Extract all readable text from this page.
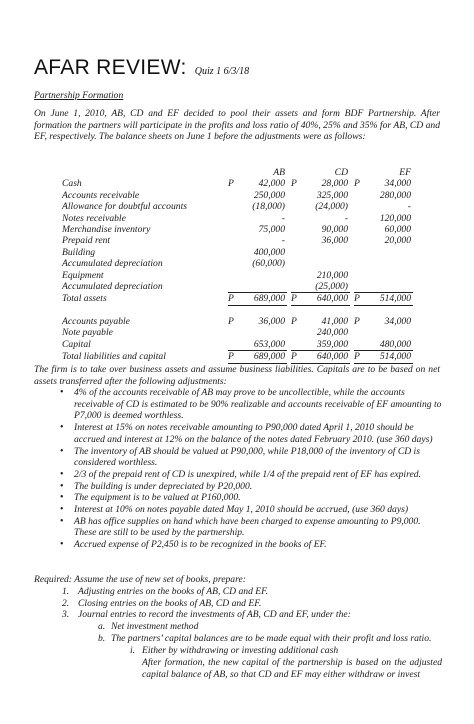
AFAR REVIEW: Quiz 1 6/3/18
Partnership Formation

On June 1, 2010, AB, CD and EF decided to pool their assets and form BDF Partnership. After formation the partners will participate in the profits and loss ratio of 40%, 25% and 35% for AB, CD and EF, respectively. The balance sheets on June 1 before the adjustments were as follows:

		AB			CD			EF
Cash	P	42,000		P	28,000		P	34,000
Accounts receivable		250,000			325,000			280,000
Allowance for doubtful accounts		(18,000)			(24,000)			-
Notes receivable		-			-			120,000
Merchandise inventory		75,000			90,000			60,000
Prepaid rent		-			36,000			20,000
Building		400,000						
Accumulated depreciation		(60,000)						
Equipment					210,000			
Accumulated depreciation					(25,000)			
Total assets	P	689,000		P	640,000		P	514,000

Accounts payable	P	36,000		P	41,000		P	34,000
Note payable					240,000			
Capital		653,000			359,000			480,000
Total liabilities and capital	P	689,000		P	640,000		P	514,000

The firm is to take over business assets and assume business liabilities. Capitals are to be based on net assets transferred after the following adjustments:

• 4% of the accounts receivable of AB may prove to be uncollectible, while the accounts receivable of CD is estimated to be 90% realizable and accounts receivable of EF amounting to P7,000 is deemed worthless.
• Interest at 15% on notes receivable amounting to P90,000 dated April 1, 2010 should be accrued and interest at 12% on the balance of the notes dated February 2010. (use 360 days)
• The inventory of AB should be valued at P90,000, while P18,000 of the inventory of CD is considered worthless.
• 2/3 of the prepaid rent of CD is unexpired, while 1/4 of the prepaid rent of EF has expired.
• The building is under depreciated by P20,000.
• The equipment is to be valued at P160,000.
• Interest at 10% on notes payable dated May 1, 2010 should be accrued, (use 360 days)
• AB has office supplies on hand which have been charged to expense amounting to P9,000. These are still to be used by the partnership.
• Accrued expense of P2,450 is to be recognized in the books of EF.

Required: Assume the use of new set of books, prepare:

1. Adjusting entries on the books of AB, CD and EF.
2. Closing entries on the books of AB, CD and EF.
3. Journal entries to record the investments of AB, CD and EF, under the:
a. Net investment method
b. The partners’ capital balances are to be made equal with their profit and loss ratio.
i. Either by withdrawing or investing additional cash

After formation, the new capital of the partnership is based on the adjusted capital balance of AB, so that CD and EF may either withdraw or invest
